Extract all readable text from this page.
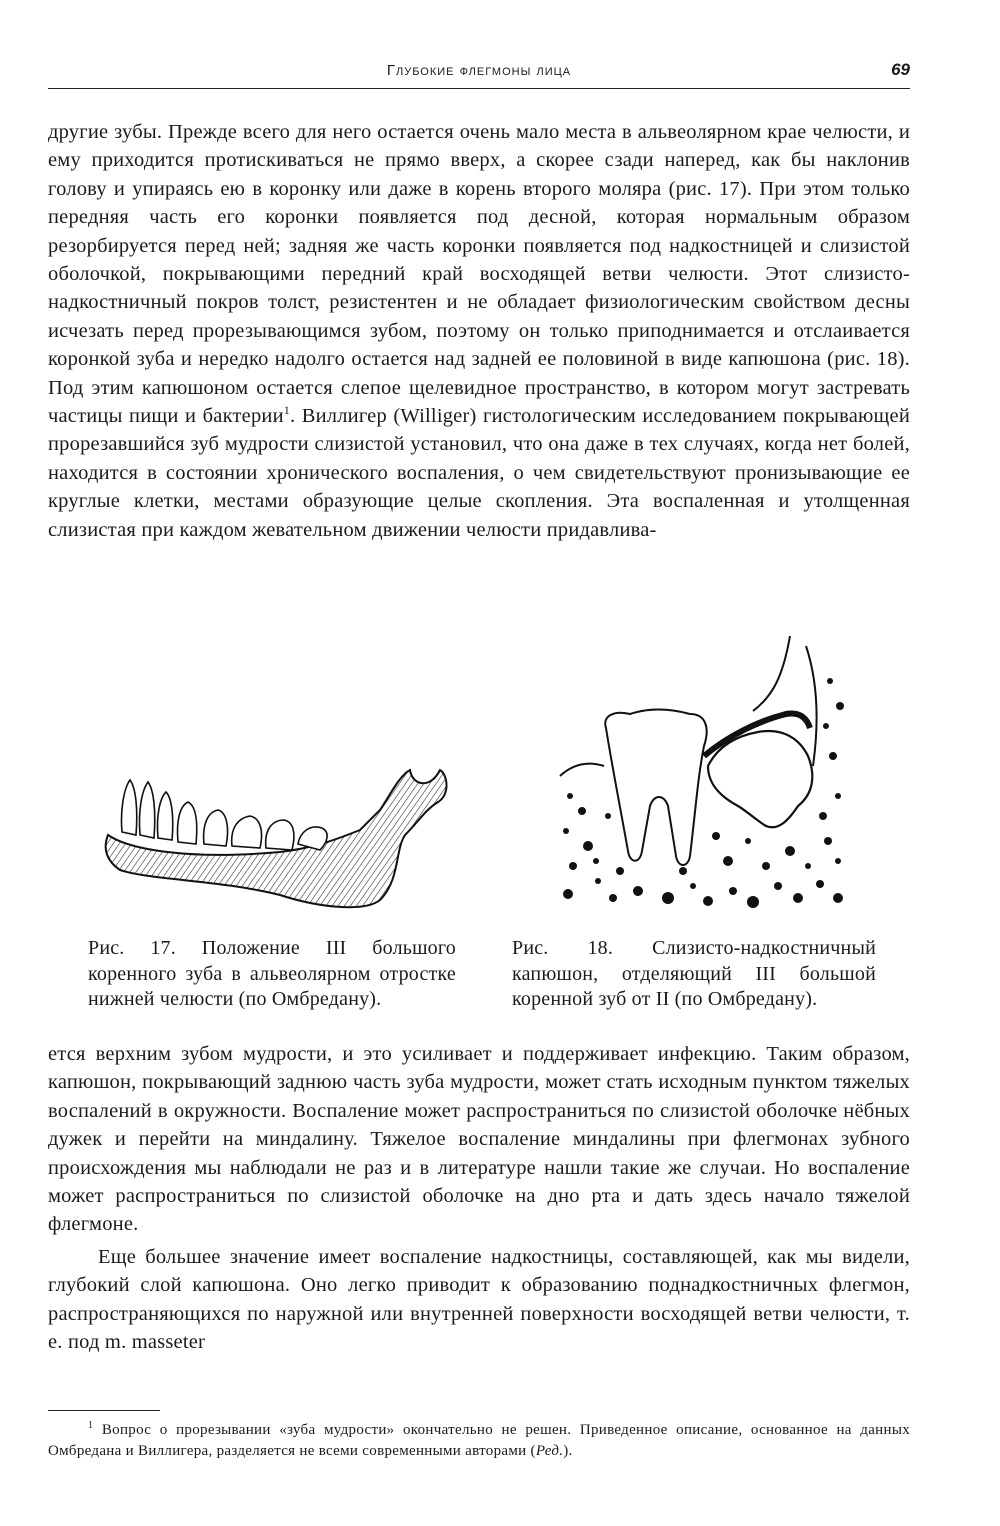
Глубокие флегмоны лица	69

другие зубы. Прежде всего для него остается очень мало места в альвеолярном крае челюсти, и ему приходится протискиваться не прямо вверх, а скорее сзади наперед, как бы наклонив голову и упираясь ею в коронку или даже в корень второго моляра (рис. 17). При этом только передняя часть его коронки появляется под десной, которая нормальным образом резорбируется перед ней; задняя же часть коронки появляется под надкостницей и слизистой оболочкой, покрывающими передний край восходящей ветви челюсти. Этот слизисто-надкостничный покров толст, резистентен и не обладает физиологическим свойством десны исчезать перед прорезывающимся зубом, поэтому он только приподнимается и отслаивается коронкой зуба и нередко надолго остается над задней ее половиной в виде капюшона (рис. 18). Под этим капюшоном остается слепое щелевидное пространство, в котором могут застревать частицы пищи и бактерии$^1$. Виллигер (Williger) гистологическим исследованием покрывающей прорезавшийся зуб мудрости слизистой установил, что она даже в тех случаях, когда нет болей, находится в состоянии хронического воспаления, о чем свидетельствуют пронизывающие ее круглые клетки, местами образующие целые скопления. Эта воспаленная и утолщенная слизистая при каждом жевательном движении челюсти придавлива-

Рис. 17. Положение III большого коренного зуба в альвеолярном отростке нижней челюсти (по Омбредану).
Рис. 18. Слизисто-надкостничный капюшон, отделяющий III большой коренной зуб от II (по Омбредану).

ется верхним зубом мудрости, и это усиливает и поддерживает инфекцию. Таким образом, капюшон, покрывающий заднюю часть зуба мудрости, может стать исходным пунктом тяжелых воспалений в окружности. Воспаление может распространиться по слизистой оболочке нёбных дужек и перейти на миндалину. Тяжелое воспаление миндалины при флегмонах зубного происхождения мы наблюдали не раз и в литературе нашли такие же случаи. Но воспаление может распространиться по слизистой оболочке на дно рта и дать здесь начало тяжелой флегмоне.

Еще большее значение имеет воспаление надкостницы, составляющей, как мы видели, глубокий слой капюшона. Оно легко приводит к образованию поднадкостничных флегмон, распространяющихся по наружной или внутренней поверхности восходящей ветви челюсти, т. е. под m. masseter

$^1$ Вопрос о прорезывании «зуба мудрости» окончательно не решен. Приведенное описание, основанное на данных Омбредана и Виллигера, разделяется не всеми современными авторами (Ред.).
